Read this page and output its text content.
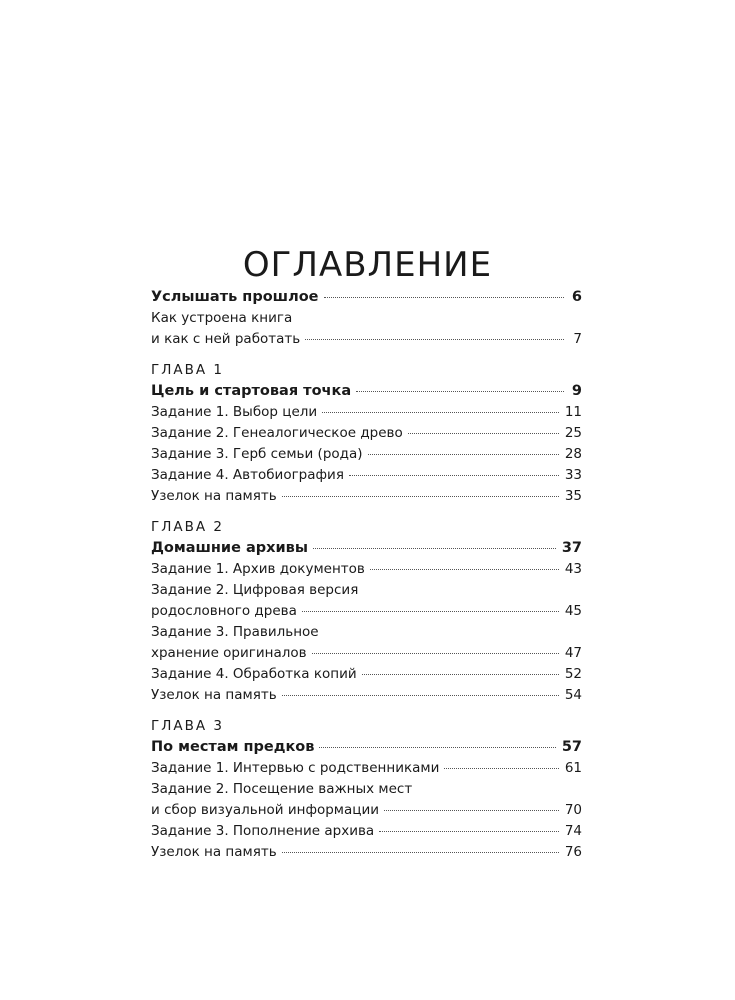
ОГЛАВЛЕНИЕ
Услышать прошлое	6
Как устроена книга
и как с ней работать	7
ГЛАВА 1
Цель и стартовая точка	9
Задание 1. Выбор цели	11
Задание 2. Генеалогическое древо	25
Задание 3. Герб семьи (рода)	28
Задание 4. Автобиография	33
Узелок на память	35
ГЛАВА 2
Домашние архивы	37
Задание 1. Архив документов	43
Задание 2. Цифровая версия
родословного древа	45
Задание 3. Правильное
хранение оригиналов	47
Задание 4. Обработка копий	52
Узелок на память	54
ГЛАВА 3
По местам предков	57
Задание 1. Интервью с родственниками	61
Задание 2. Посещение важных мест
и сбор визуальной информации	70
Задание 3. Пополнение архива	74
Узелок на память	76
